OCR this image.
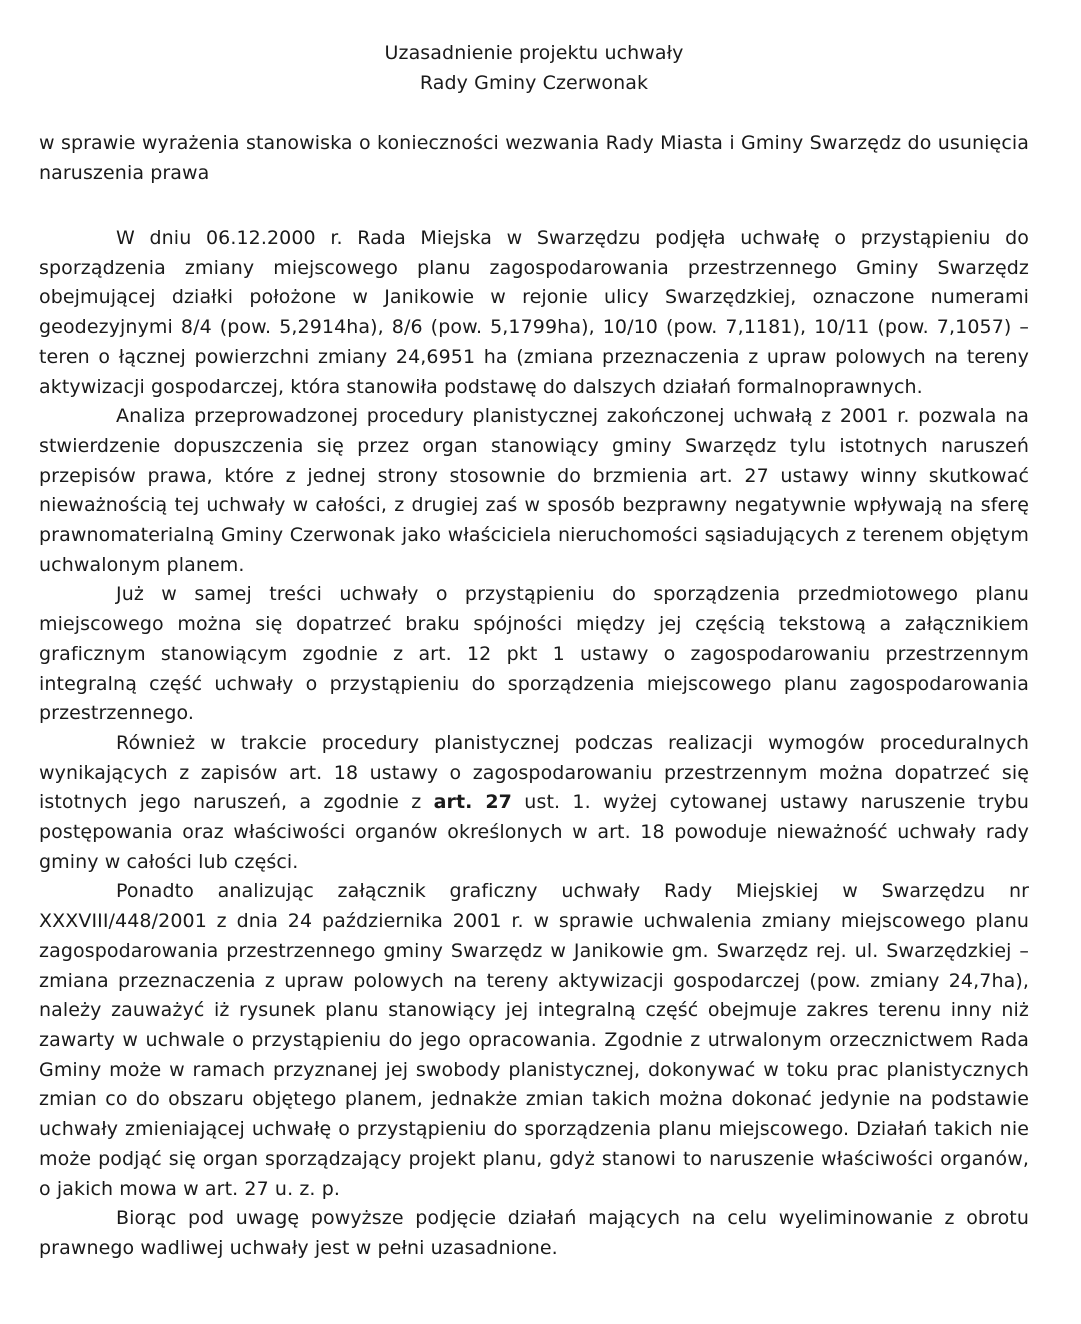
Uzasadnienie projektu uchwały
Rady Gminy Czerwonak
w sprawie wyrażenia stanowiska o konieczności wezwania Rady Miasta i Gminy Swarzędz do usunięcia naruszenia prawa

W dniu 06.12.2000 r. Rada Miejska w Swarzędzu podjęła uchwałę o przystąpieniu do sporządzenia zmiany miejscowego planu zagospodarowania przestrzennego Gminy Swarzędz obejmującej działki położone w Janikowie w rejonie ulicy Swarzędzkiej, oznaczone numerami geodezyjnymi 8/4 (pow. 5,2914ha), 8/6 (pow. 5,1799ha), 10/10 (pow. 7,1181), 10/11 (pow. 7,1057) – teren o łącznej powierzchni zmiany 24,6951 ha (zmiana przeznaczenia z upraw polowych na tereny aktywizacji gospodarczej, która stanowiła podstawę do dalszych działań formalnoprawnych.

Analiza przeprowadzonej procedury planistycznej zakończonej uchwałą z 2001 r. pozwala na stwierdzenie dopuszczenia się przez organ stanowiący gminy Swarzędz tylu istotnych naruszeń przepisów prawa, które z jednej strony stosownie do brzmienia art. 27 ustawy winny skutkować nieważnością tej uchwały w całości, z drugiej zaś w sposób bezprawny negatywnie wpływają na sferę prawnomaterialną Gminy Czerwonak jako właściciela nieruchomości sąsiadujących z terenem objętym uchwalonym planem.

Już w samej treści uchwały o przystąpieniu do sporządzenia przedmiotowego planu miejscowego można się dopatrzeć braku spójności między jej częścią tekstową a załącznikiem graficznym stanowiącym zgodnie z art. 12 pkt 1 ustawy o zagospodarowaniu przestrzennym integralną część uchwały o przystąpieniu do sporządzenia miejscowego planu zagospodarowania przestrzennego.

Również w trakcie procedury planistycznej podczas realizacji wymogów proceduralnych wynikających z zapisów art. 18 ustawy o zagospodarowaniu przestrzennym można dopatrzeć się istotnych jego naruszeń, a zgodnie z art. 27 ust. 1. wyżej cytowanej ustawy naruszenie trybu postępowania oraz właściwości organów określonych w art. 18 powoduje nieważność uchwały rady gminy w całości lub części.

Ponadto analizując załącznik graficzny uchwały Rady Miejskiej w Swarzędzu nr XXXVIII/448/2001 z dnia 24 października 2001 r. w sprawie uchwalenia zmiany miejscowego planu zagospodarowania przestrzennego gminy Swarzędz w Janikowie gm. Swarzędz rej. ul. Swarzędzkiej – zmiana przeznaczenia z upraw polowych na tereny aktywizacji gospodarczej (pow. zmiany 24,7ha), należy zauważyć iż rysunek planu stanowiący jej integralną część obejmuje zakres terenu inny niż zawarty w uchwale o przystąpieniu do jego opracowania. Zgodnie z utrwalonym orzecznictwem Rada Gminy może w ramach przyznanej jej swobody planistycznej, dokonywać w toku prac planistycznych zmian co do obszaru objętego planem, jednakże zmian takich można dokonać jedynie na podstawie uchwały zmieniającej uchwałę o przystąpieniu do sporządzenia planu miejscowego. Działań takich nie może podjąć się organ sporządzający projekt planu, gdyż stanowi to naruszenie właściwości organów, o jakich mowa w art. 27 u. z. p.

Biorąc pod uwagę powyższe podjęcie działań mających na celu wyeliminowanie z obrotu prawnego wadliwej uchwały jest w pełni uzasadnione.
